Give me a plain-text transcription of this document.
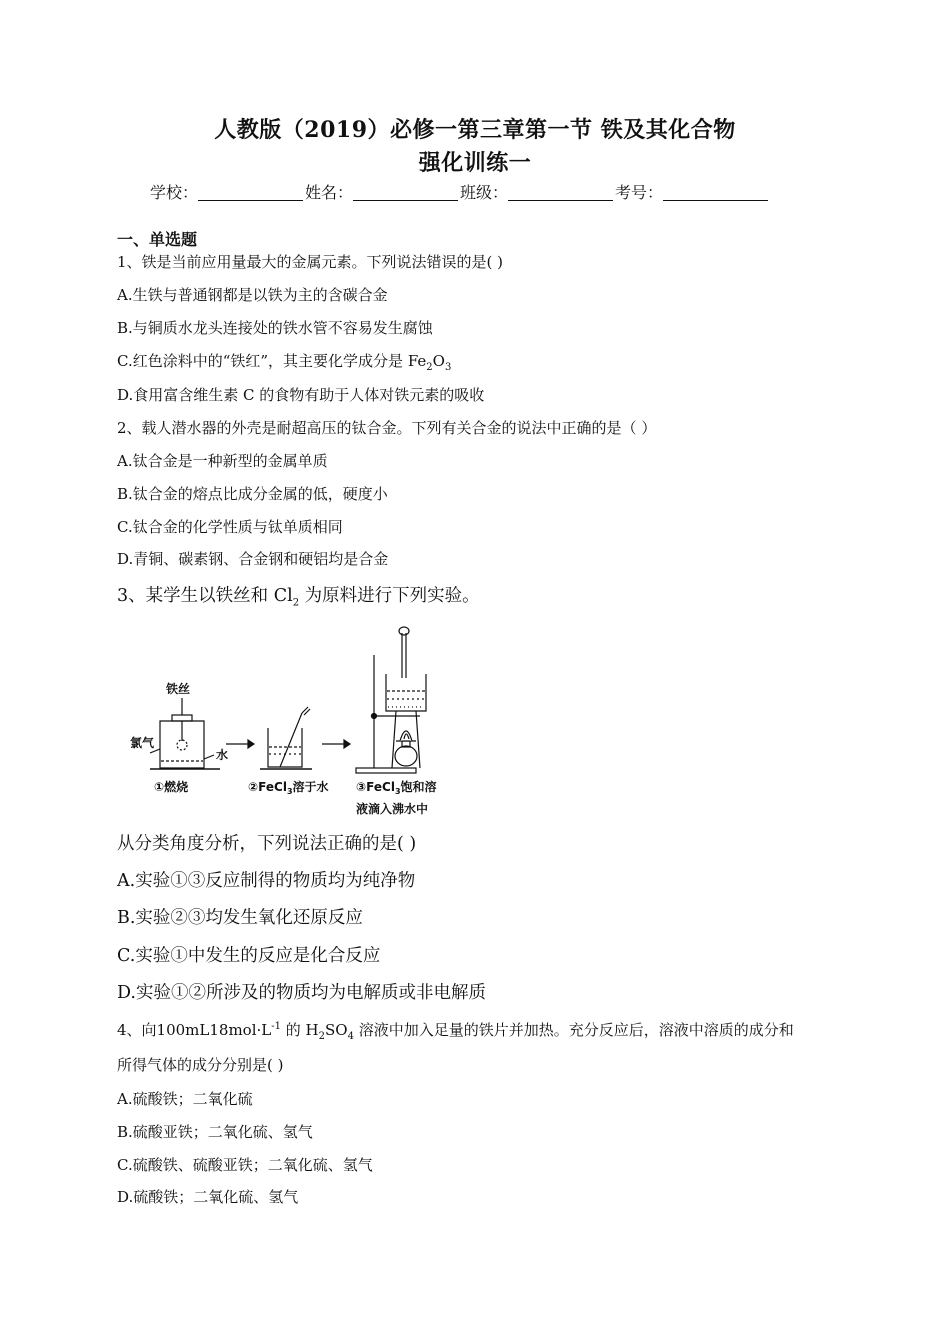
人教版（2019）必修一第三章第一节 铁及其化合物
强化训练一
学校：	姓名：	班级：	考号：
一、单选题
1、铁是当前应用量最大的金属元素。下列说法错误的是( )
A.生铁与普通钢都是以铁为主的含碳合金
B.与铜质水龙头连接处的铁水管不容易发生腐蚀
C.红色涂料中的“铁红”，其主要化学成分是 $Fe_2O_3$
D.食用富含维生素 C 的食物有助于人体对铁元素的吸收
2、载人潜水器的外壳是耐超高压的钛合金。下列有关合金的说法中正确的是（ ）
A.钛合金是一种新型的金属单质
B.钛合金的熔点比成分金属的低，硬度小
C.钛合金的化学性质与钛单质相同
D.青铜、碳素钢、合金钢和硬铝均是合金
3、某学生以铁丝和 $Cl_2$ 为原料进行下列实验。
铁丝
氯气
水
①燃烧	②FeCl$_3$溶于水 ③FeCl$_3$饱和溶
液滴入沸水中
从分类角度分析，下列说法正确的是( )
A.实验①③反应制得的物质均为纯净物
B.实验②③均发生氧化还原反应
C.实验①中发生的反应是化合反应
D.实验①②所涉及的物质均为电解质或非电解质
4、向$100mL18mol\cdot L^{-1}$ 的 $H_2SO_4$ 溶液中加入足量的铁片并加热。充分反应后，溶液中溶质的成分和
所得气体的成分分别是( )
A.硫酸铁；二氧化硫
B.硫酸亚铁；二氧化硫、氢气
C.硫酸铁、硫酸亚铁；二氧化硫、氢气
D.硫酸铁；二氧化硫、氢气
